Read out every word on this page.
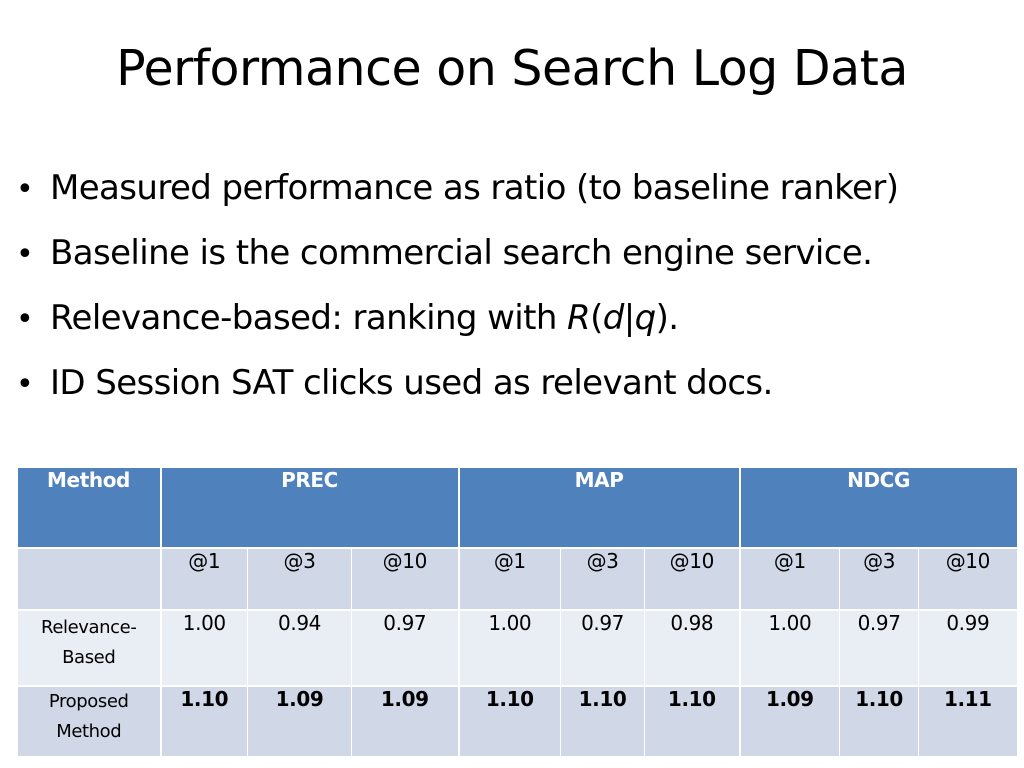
Performance on Search Log Data
• Measured performance as ratio (to baseline ranker)
• Baseline is the commercial search engine service.
• Relevance-based: ranking with R(d|q).
• ID Session SAT clicks used as relevant docs.
Method	PREC			MAP			NDCG		
	@1	@3	@10	@1	@3	@10	@1	@3	@10

Relevance-
Based	1.00	0.94	0.97	1.00	0.97	0.98	1.00	0.97	0.99

Proposed
Method	1.10	1.09	1.09	1.10	1.10	1.10	1.09	1.10	1.11
